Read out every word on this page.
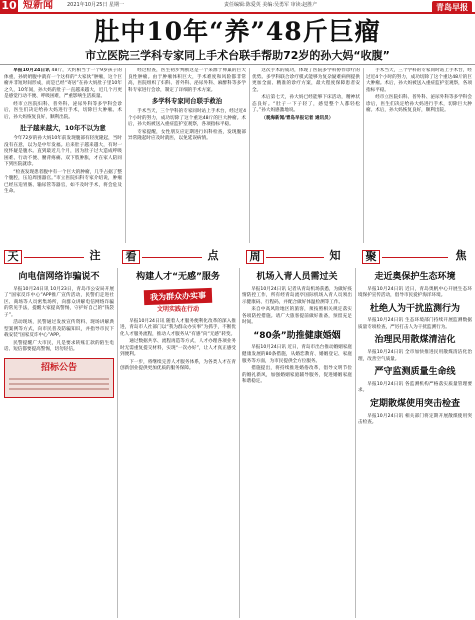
10 短新闻	2021年10月25日 星期一	责任编辑:陈爱英 美编:吴勇军 审读:赵胜产	青岛早报
肚中10年“养”48斤巨瘤
市立医院三学科专家同上手术台联手帮助72岁的孙大妈“收腹”

早报10月24日讯 48斤，大约相当于一个9岁孩子的体重，孙奶奶腹中就有一个这样的“大家伙”肿瘤，这个巨瘤并非短时间形成，而是已经“寄居”在孙大妈肚子里10年之久，10年间，孙大妈的肚子一直越来越大，近几个月更是感觉行动不便、呼吸困难，严重影响生活质量。

经市立医院妇科、普外科、泌尿外科等多学科会诊后，医生们决定给孙大妈进行手术，切除巨大肿瘤。术后，孙大妈恢复良好，顺利出院。

肚子越来越大，10年不以为意

今年72岁的孙大妈10年前发现腹部有轻度隆起，当时没有在意，以为是中年发福。后来肚子越来越大，有时一度怀疑是腹水。直到最近几个月，因为肚子过大造成呼吸困难、行动不便、腰背疼痛、双下肢肿胀，才在家人陪同下到医院就诊。

“检查发现患者腹中有一个巨大的肿瘤，几乎占据了整个腹腔，压迫周围器官。”市立医院妇科专家介绍说，肿瘤已经压迫胃肠、输尿管等器官，如不及时手术，将会危及生命。

经过检查，医生初步判断这是一个来源于卵巢的巨大良性肿瘤。由于肿瘤体积巨大，手术难度和风险都非常高，医院组织了妇科、普外科、泌尿外科、麻醉科等多学科专家进行会诊，制定了详细的手术方案。

多学科专家同台联手救治

手术当天，三个学科的专家同时站上手术台，经过近4个小时的努力，成功切除了这个重达48斤的巨大肿瘤。术后，孙大妈被送入重症监护室观察，各项指标平稳。

专家提醒，女性朋友应定期进行妇科检查，发现腹部异常隆起时应及时就医，以免延误病情。

这次手术的成功，体现了医院多学科协作诊疗的优势。多学科联合诊疗模式能够为复杂疑难病例提供更加全面、精准的诊疗方案，最大程度保障患者安全。

术后第七天，孙大妈已经能够下床活动，精神状态良好。“肚子一下子轻了，感觉整个人都轻松了。”孙大妈感激地说。

（观海新闻/青岛早报记者 通讯员）

手术当天，三个学科的专家同时站上手术台，经过近4个小时的努力，成功切除了这个重达48斤的巨大肿瘤。术后，孙大妈被送入重症监护室观察，各项指标平稳。

经市立医院妇科、普外科、泌尿外科等多学科会诊后，医生们决定给孙大妈进行手术，切除巨大肿瘤。术后，孙大妈恢复良好，顺利出院。

天	注	看	点	周	知	聚	焦
向电信网络诈骗说不

早报10月24日讯 10月23日，青岛市公安局开展了“国家反诈中心”APP推广宣传活动，民警们走进社区、商场等人员密集场所，向群众讲解电信网络诈骗的常见手法，提醒大家提高警惕，守护好自己的“钱袋子”。

活动现场，民警通过发放宣传资料、现场讲解典型案例等方式，向市民普及防骗知识，并指导市民下载安装“国家反诈中心”APP。

民警提醒广大市民，凡是要求转账汇款的陌生电话、短信都要提高警惕，切勿轻信。

招标公告
构建人才“无感”服务
我为群众办实事
文明实践在行动

早报10月24日讯 随着人才服务便利化改革的深入推进，青岛市人社部门以“我为群众办实事”为抓手，不断优化人才服务流程，推动人才服务从“有感”向“无感”转变。

通过数据共享、流程再造等方式，人才办理各项业务时无需重复提交材料，实现“一次办好”，让人才真正感受到便利。

下一步，将继续完善人才服务体系，为各类人才在青创新创业提供更加优质的服务保障。

机场入青人员需过关

早报10月24日讯 记者从青岛机场获悉，为做好疫情防控工作，所有经青岛流亭国际机场入青人员须出示健康码、行程码，并配合做好体温检测等工作。

来自中高风险地区的旅客，须按照相关规定落实各项防控措施。请广大旅客提前做好准备，预留充足时间。

“80条”助推健康婚姻

早报10月24日讯 近日，青岛市出台推动婚姻家庭健康发展的80条措施，从婚恋教育、婚姻登记、家庭服务等方面，为市民提供全方位服务。

措施提出，将持续推进婚俗改革，倡导文明节俭的婚礼新风，加强婚姻家庭辅导服务，促进婚姻家庭和谐稳定。

走近奥保护生态环境

早报10月24日讯 近日，青岛奥帆中心开展生态环境保护宣传活动，倡导市民爱护海洋环境。

杜绝人为干扰监测行为

早报10月24日讯 生态环境部门持续开展监测数据质量专项检查，严厉打击人为干扰监测行为。

治理民用散煤清洁化

早报10月24日讯 全市加快推进民用散煤清洁化治理，改善空气质量。

严守监测质量生命线

早报10月24日讯 各监测机构严格落实质量管理要求。

定期散煤使用突击检查

早报10月24日讯 相关部门将定期开展散煤使用突击检查。
